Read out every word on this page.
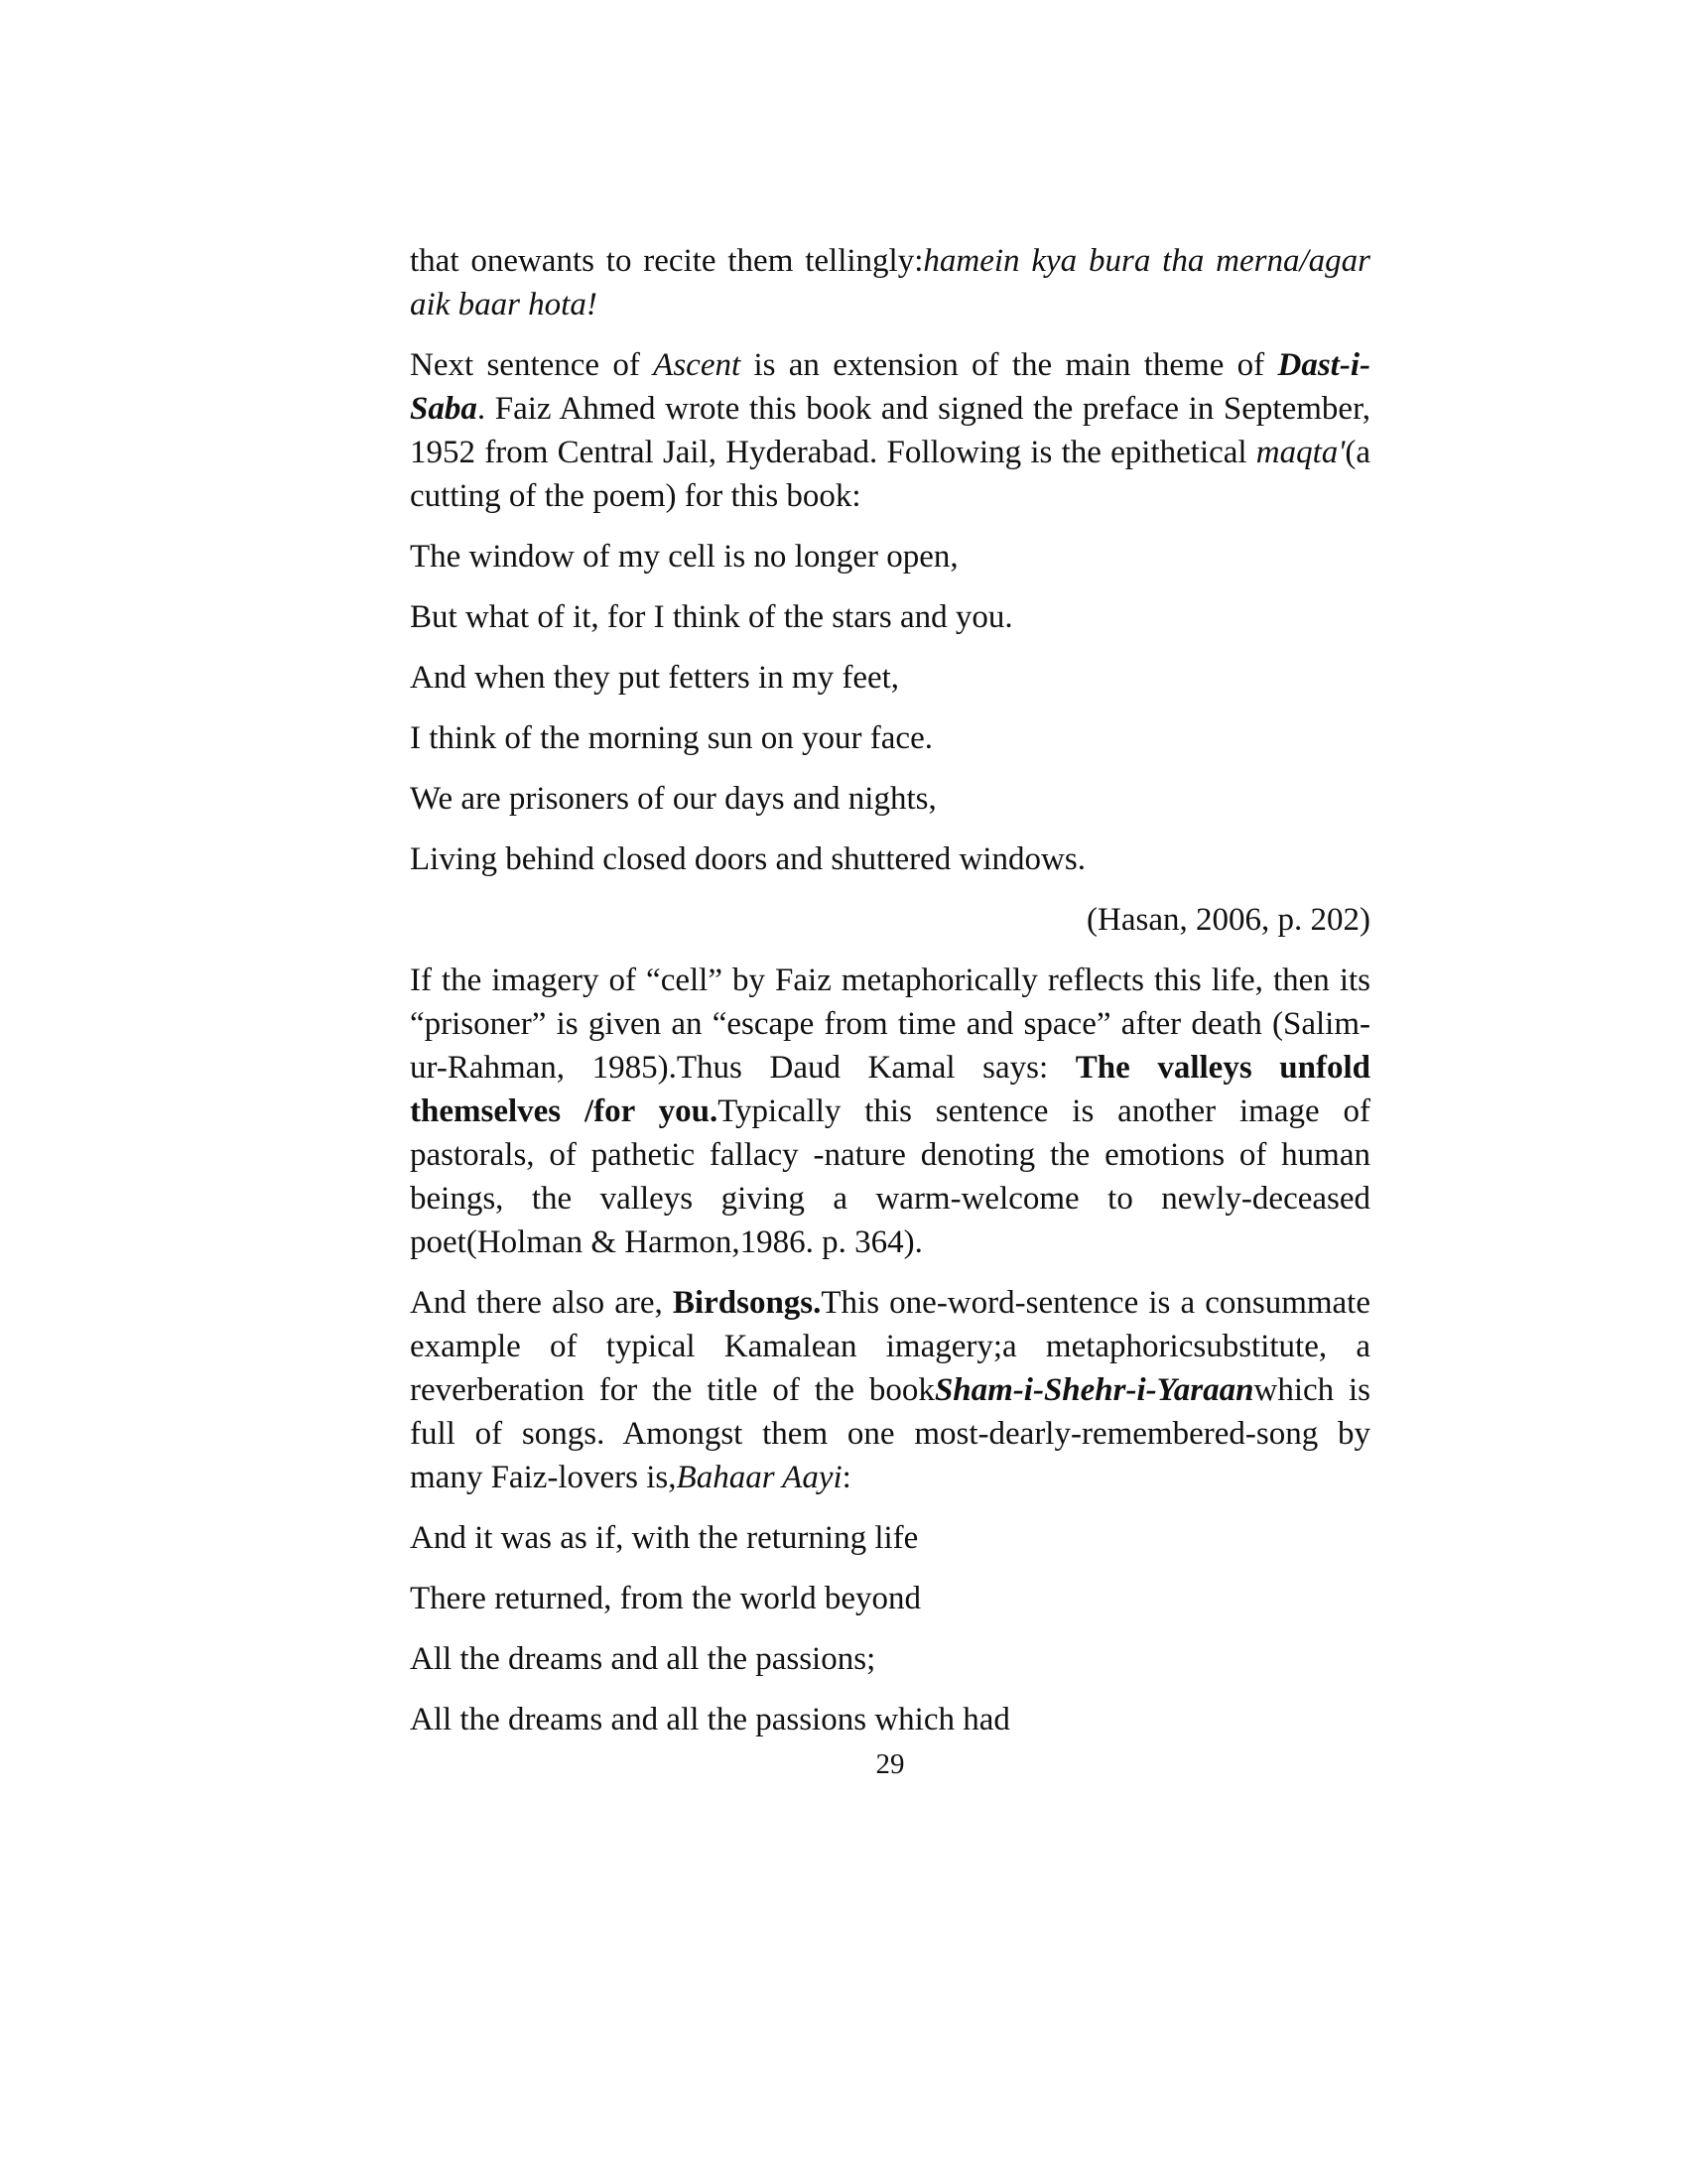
that onewants to recite them tellingly:hamein kya bura tha merna/agar aik baar hota!

Next sentence of Ascent is an extension of the main theme of Dast-i-Saba. Faiz Ahmed wrote this book and signed the preface in September, 1952 from Central Jail, Hyderabad. Following is the epithetical maqta'(a cutting of the poem) for this book:

The window of my cell is no longer open,

But what of it, for I think of the stars and you.

And when they put fetters in my feet,

I think of the morning sun on your face.

We are prisoners of our days and nights,

Living behind closed doors and shuttered windows.

(Hasan, 2006, p. 202)

If the imagery of “cell” by Faiz metaphorically reflects this life, then its “prisoner” is given an “escape from time and space” after death (Salim-ur-Rahman, 1985).Thus Daud Kamal says: The valleys unfold themselves /for you.Typically this sentence is another image of pastorals, of pathetic fallacy -nature denoting the emotions of human beings, the valleys giving a warm-welcome to newly-deceased poet(Holman & Harmon,1986. p. 364).

And there also are, Birdsongs.This one-word-sentence is a consummate example of typical Kamalean imagery;a metaphoricsubstitute, a reverberation for the title of the bookSham-i-Shehr-i-Yaraanwhich is full of songs. Amongst them one most-dearly-remembered-song by many Faiz-lovers is,Bahaar Aayi:

And it was as if, with the returning life

There returned, from the world beyond

All the dreams and all the passions;

All the dreams and all the passions which had

29
